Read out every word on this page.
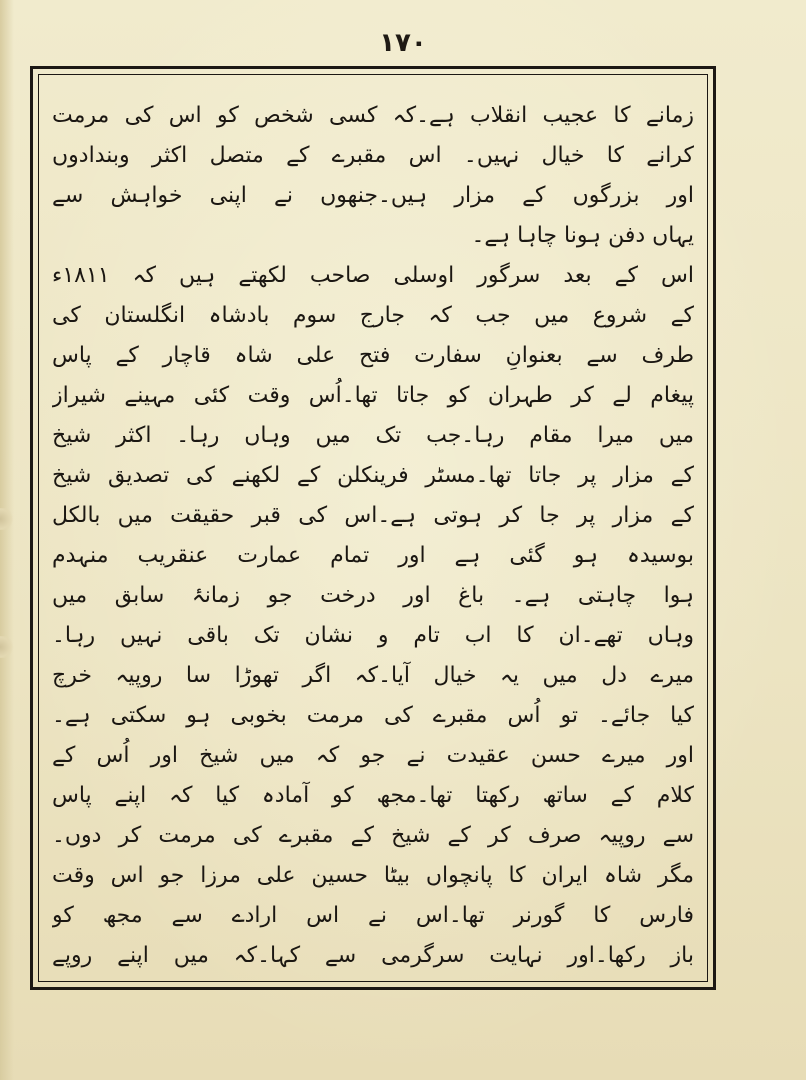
۱۷۰
زمانے کا عجیب انقلاب ہے۔کہ کسی شخص کو اس کی مرمت
کرانے کا خیال نہیں۔ اس مقبرے کے متصل اکثر وبندادوں
اور بزرگوں کے مزار ہیں۔جنھوں نے اپنی خواہش سے
یہاں دفن ہونا چاہا ہے۔
اس کے بعد سرگور اوسلی صاحب لکھتے ہیں کہ ۱۸۱۱ء
کے شروع میں جب کہ جارج سوم بادشاہ انگلستان کی
طرف سے بعنوانِ سفارت فتح علی شاہ قاچار کے پاس
پیغام لے کر طہران کو جاتا تھا۔اُس وقت کئی مہینے شیراز
میں میرا مقام رہا۔جب تک میں وہاں رہا۔ اکثر شیخ
کے مزار پر جاتا تھا۔مسٹر فرینکلن کے لکھنے کی تصدیق شیخ
کے مزار پر جا کر ہوتی ہے۔اس کی قبر حقیقت میں بالکل
بوسیدہ ہو گئی ہے اور تمام عمارت عنقریب منہدم
ہوا چاہتی ہے۔ باغ اور درخت جو زمانۂ سابق میں
وہاں تھے۔ان کا اب تام و نشان تک باقی نہیں رہا۔
میرے دل میں یہ خیال آیا۔کہ اگر تھوڑا سا روپیہ خرچ
کیا جائے۔ تو اُس مقبرے کی مرمت بخوبی ہو سکتی ہے۔
اور میرے حسن عقیدت نے جو کہ میں شیخ اور اُس کے
کلام کے ساتھ رکھتا تھا۔مجھ کو آمادہ کیا کہ اپنے پاس
سے روپیہ صرف کر کے شیخ کے مقبرے کی مرمت کر دوں۔
مگر شاہ ایران کا پانچواں بیٹا حسین علی مرزا جو اس وقت
فارس کا گورنر تھا۔اس نے اس ارادے سے مجھ کو
باز رکھا۔اور نہایت سرگرمی سے کہا۔کہ میں اپنے روپے
